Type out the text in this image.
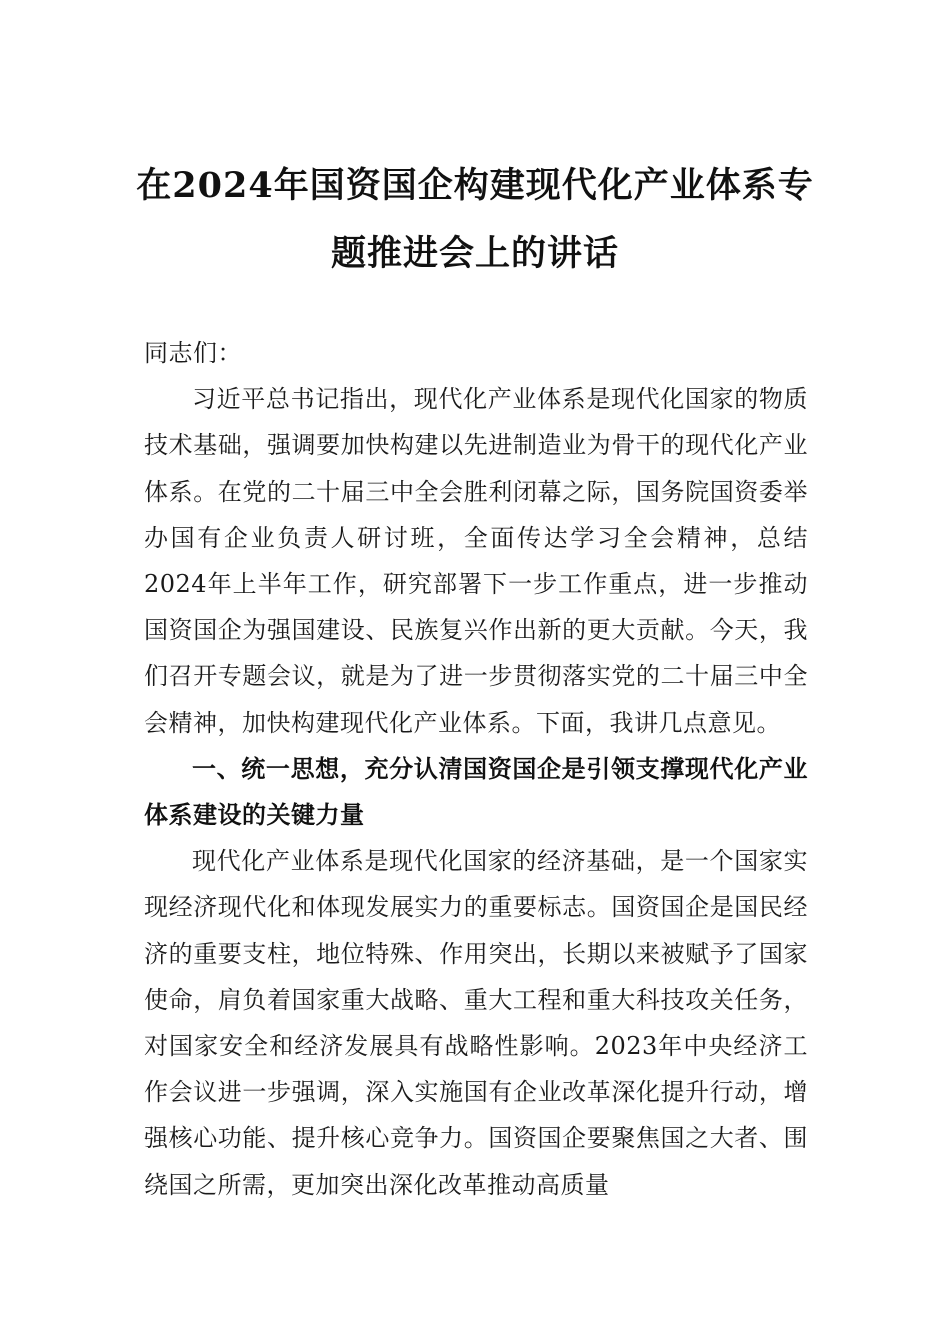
在2024年国资国企构建现代化产业体系专题推进会上的讲话

同志们：

习近平总书记指出，现代化产业体系是现代化国家的物质技术基础，强调要加快构建以先进制造业为骨干的现代化产业体系。在党的二十届三中全会胜利闭幕之际，国务院国资委举办国有企业负责人研讨班，全面传达学习全会精神，总结2024年上半年工作，研究部署下一步工作重点，进一步推动国资国企为强国建设、民族复兴作出新的更大贡献。今天，我们召开专题会议，就是为了进一步贯彻落实党的二十届三中全会精神，加快构建现代化产业体系。下面，我讲几点意见。

一、统一思想，充分认清国资国企是引领支撑现代化产业体系建设的关键力量

现代化产业体系是现代化国家的经济基础，是一个国家实现经济现代化和体现发展实力的重要标志。国资国企是国民经济的重要支柱，地位特殊、作用突出，长期以来被赋予了国家使命，肩负着国家重大战略、重大工程和重大科技攻关任务，对国家安全和经济发展具有战略性影响。2023年中央经济工作会议进一步强调，深入实施国有企业改革深化提升行动，增强核心功能、提升核心竞争力。国资国企要聚焦国之大者、围绕国之所需，更加突出深化改革推动高质量
